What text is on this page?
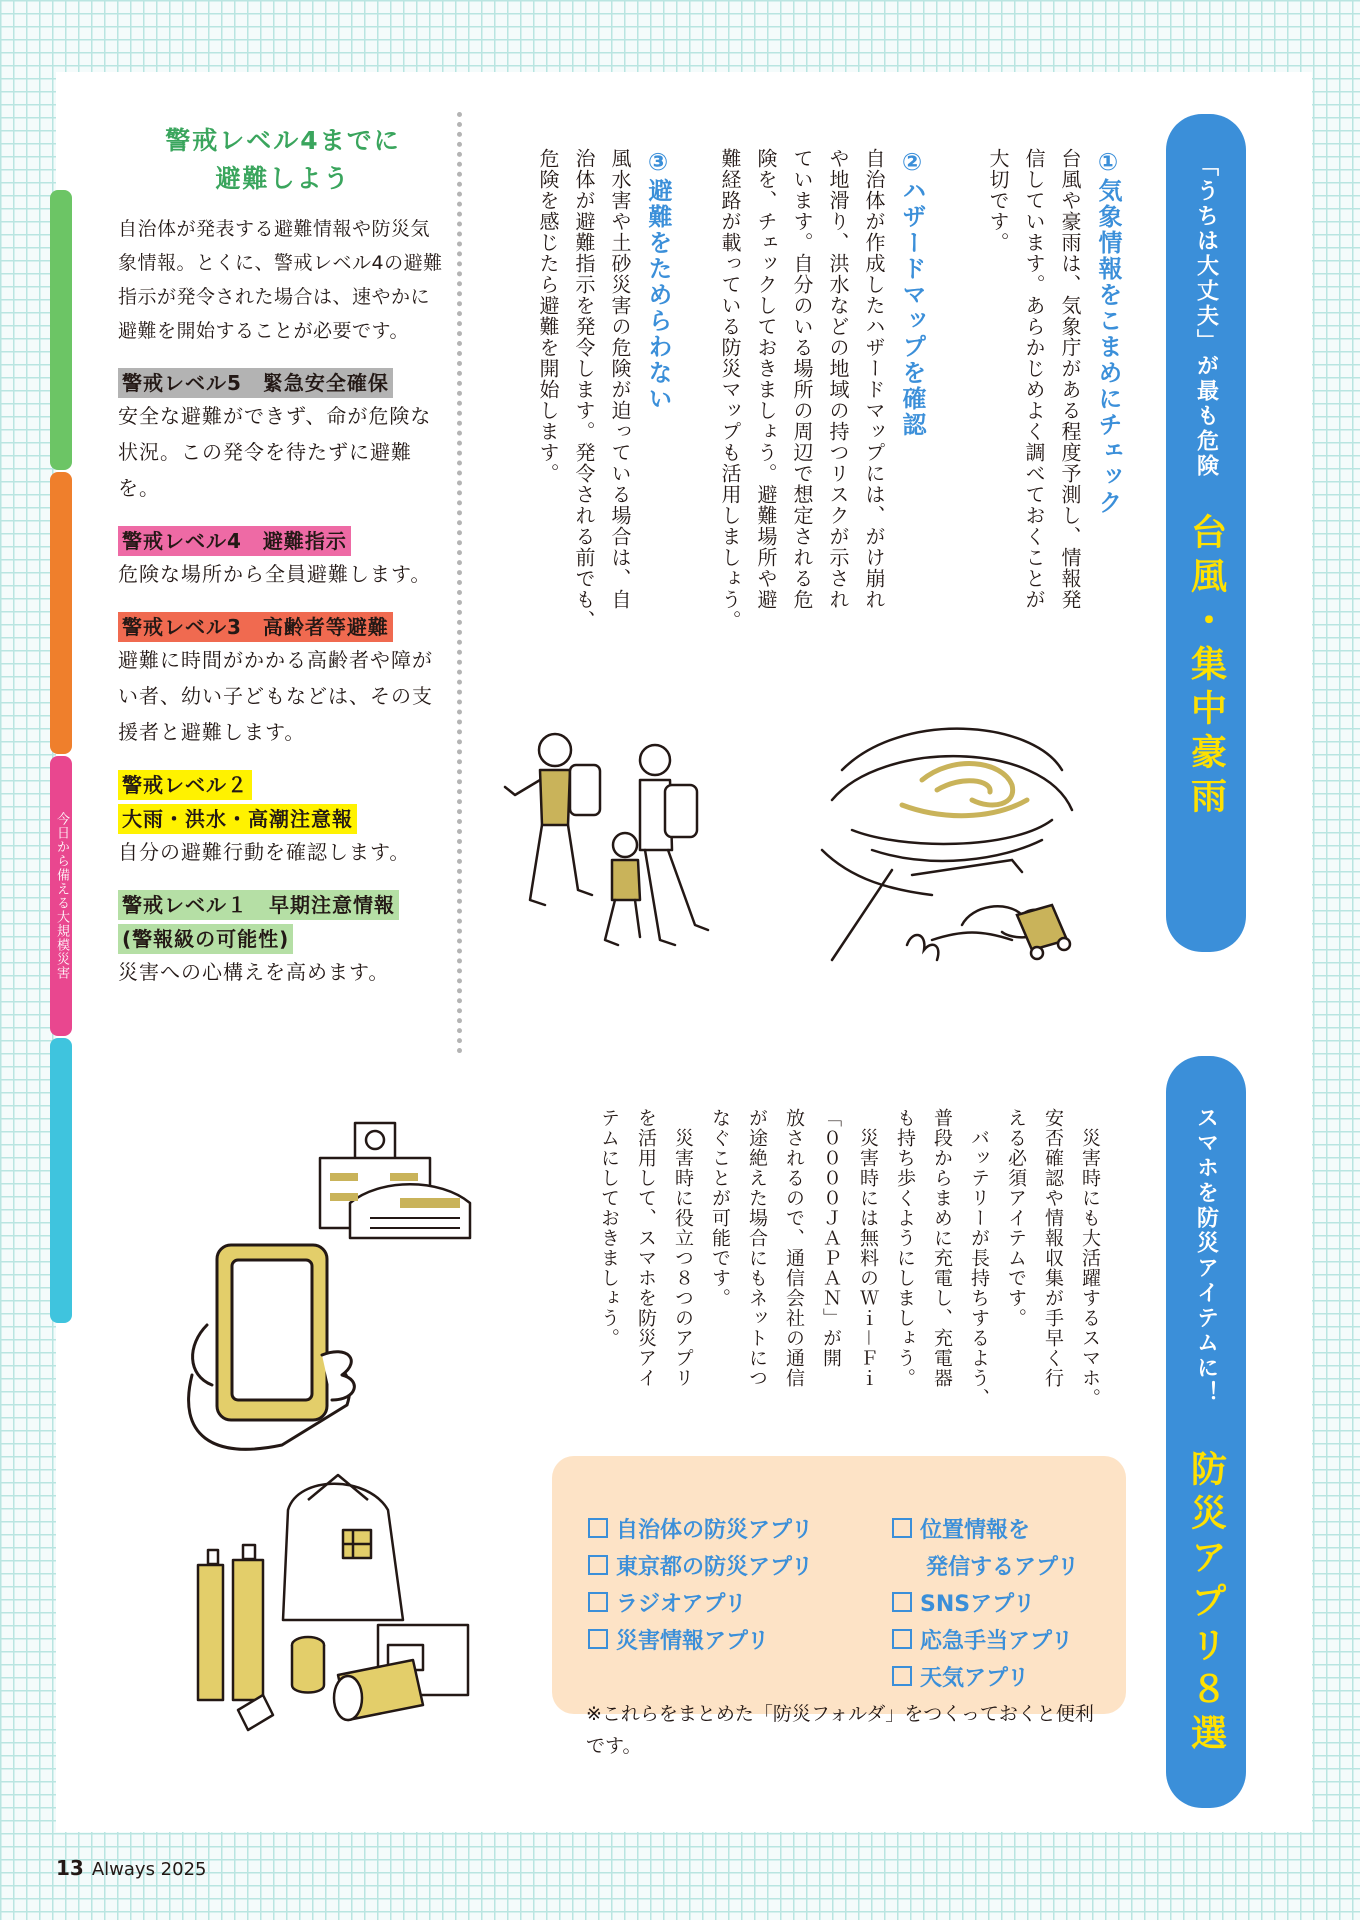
今日から備える大規模災害
「うちは大丈夫」が最も危険
台風・集中豪雨
①気象情報をこまめにチェック
台風や豪雨は、気象庁がある程度予測し、情報発
信しています。あらかじめよく調べておくことが
大切です。
②ハザードマップを確認
自治体が作成したハザードマップには、がけ崩れ
や地滑り、洪水などの地域の持つリスクが示され
ています。自分のいる場所の周辺で想定される危
険を、チェックしておきましょう。避難場所や避
難経路が載っている防災マップも活用しましょう。
③避難をためらわない
風水害や土砂災害の危険が迫っている場合は、自
治体が避難指示を発令します。発令される前でも、
危険を感じたら避難を開始します。
警戒レベル4までに
避難しよう
自治体が発表する避難情報や防災気象情報。とくに、警戒レベル4の避難指示が発令された場合は、速やかに避難を開始することが必要です。
警戒レベル5　緊急安全確保
安全な避難ができず、命が危険な状況。この発令を待たずに避難を。
警戒レベル4　避難指示
危険な場所から全員避難します。
警戒レベル3　高齢者等避難
避難に時間がかかる高齢者や障がい者、幼い子どもなどは、その支援者と避難します。
警戒レベル２
大雨・洪水・高潮注意報
自分の避難行動を確認します。
警戒レベル１　早期注意情報
(警報級の可能性)
災害への心構えを高めます。
スマホを防災アイテムに！
防災アプリ８選
　災害時にも大活躍するスマホ。
安否確認や情報収集が手早く行
える必須アイテムです。
　バッテリーが長持ちするよう、
普段からまめに充電し、充電器
も持ち歩くようにしましょう。
　災害時には無料のＷｉ－Ｆｉ
「００００ＪＡＰＡＮ」が開
放されるので、通信会社の通信
が途絶えた場合にもネットにつ
なぐことが可能です。
　災害時に役立つ８つのアプリ
を活用して、スマホを防災アイ
テムにしておきましょう。
自治体の防災アプリ
東京都の防災アプリ
ラジオアプリ
災害情報アプリ
位置情報を
発信するアプリ
SNSアプリ
応急手当アプリ
天気アプリ
※これらをまとめた「防災フォルダ」をつくっておくと便利です。
13 Always 2025
